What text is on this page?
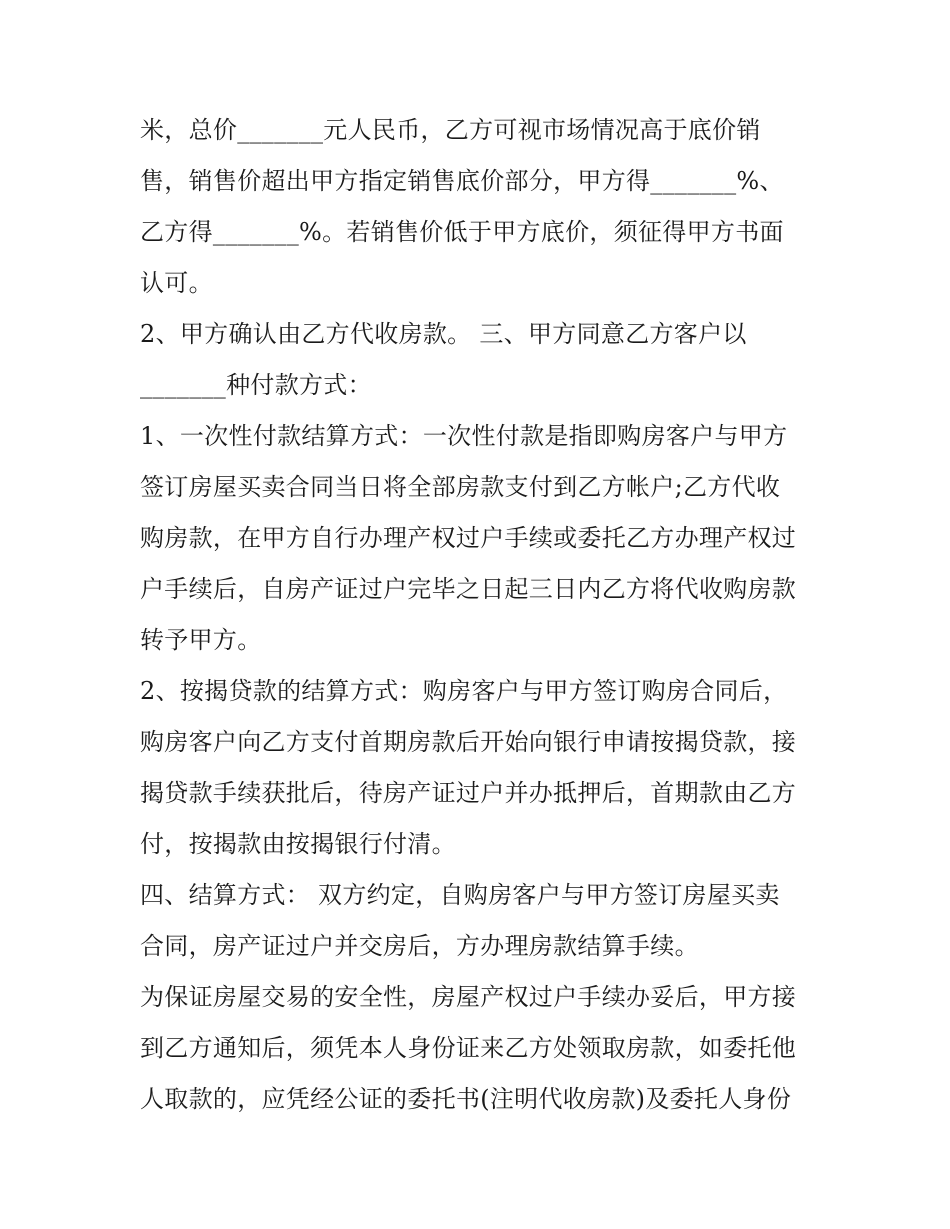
米，总价_______元人民币，乙方可视市场情况高于底价销
售，销售价超出甲方指定销售底价部分，甲方得_______%、
乙方得_______%。若销售价低于甲方底价，须征得甲方书面
认可。
2、甲方确认由乙方代收房款。 三、甲方同意乙方客户以
_______种付款方式：
1、一次性付款结算方式：一次性付款是指即购房客户与甲方
签订房屋买卖合同当日将全部房款支付到乙方帐户;乙方代收
购房款，在甲方自行办理产权过户手续或委托乙方办理产权过
户手续后，自房产证过户完毕之日起三日内乙方将代收购房款
转予甲方。
2、按揭贷款的结算方式：购房客户与甲方签订购房合同后，
购房客户向乙方支付首期房款后开始向银行申请按揭贷款，接
揭贷款手续获批后，待房产证过户并办抵押后，首期款由乙方
付，按揭款由按揭银行付清。
四、结算方式： 双方约定，自购房客户与甲方签订房屋买卖
合同，房产证过户并交房后，方办理房款结算手续。
为保证房屋交易的安全性，房屋产权过户手续办妥后，甲方接
到乙方通知后，须凭本人身份证来乙方处领取房款，如委托他
人取款的，应凭经公证的委托书(注明代收房款)及委托人身份
